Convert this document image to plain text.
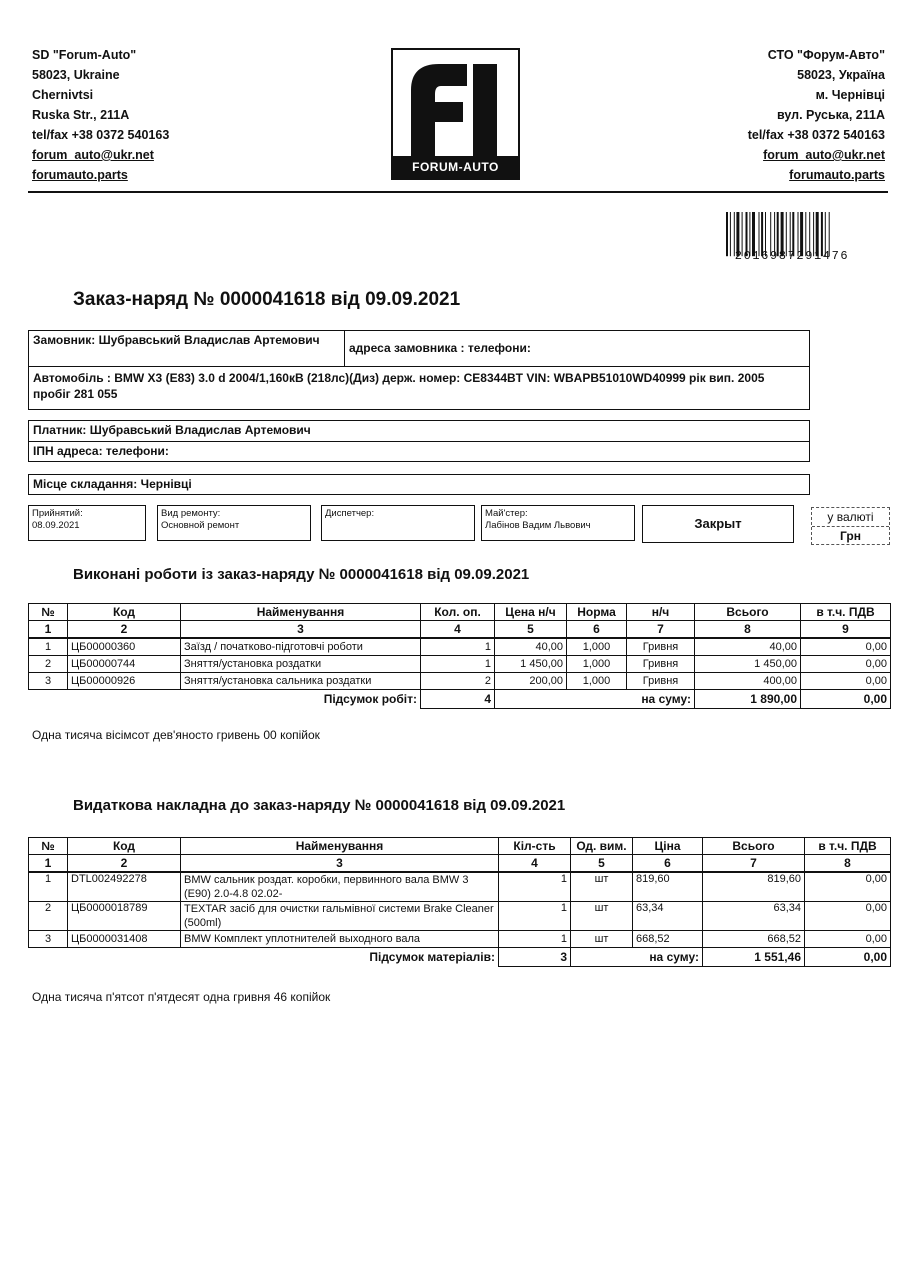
SD "Forum-Auto"
58023, Ukraine
Chernivtsi
Ruska Str., 211A
tel/fax +38 0372 540163
forum_auto@ukr.net
forumauto.parts
СТО "Форум-Авто"
58023, Україна
м. Чернівці
вул. Руська, 211А
tel/fax +38 0372 540163
forum_auto@ukr.net
forumauto.parts
FORUM-AUTO
2016987291476
Заказ-наряд № 0000041618 від 09.09.2021
Замовник: Шубравський Владислав Артемович
адреса замовника : телефони:
Автомобіль : BMW X3 (E83) 3.0 d 2004/1,160кВ (218лс)(Диз) держ. номер: CE8344BT VIN: WBAPB51010WD40999 рік вип. 2005 пробіг 281 055
Платник: Шубравський Владислав Артемович
ІПН адреса: телефони:
Місце складання: Чернівці
Прийнятий:
08.09.2021
Вид ремонту:
Основной ремонт
Диспетчер:	Май'стер:
Лабінов Вадим Львович	Закрыт	у валюті
Грн
Виконані роботи із заказ-наряду № 0000041618 від 09.09.2021
№	Код	Найменування	Кол. оп.	Цена н/ч	Норма	н/ч	Всього	в т.ч. ПДВ
1	2	3	4	5	6	7	8	9
1	ЦБ00000360	Заїзд / початково-підготовчі роботи	1	40,00	1,000	Гривня	40,00	0,00
2	ЦБ00000744	Зняття/установка роздатки	1	1 450,00	1,000	Гривня	1 450,00	0,00
3	ЦБ00000926	Зняття/установка сальника роздатки	2	200,00	1,000	Гривня	400,00	0,00
Підсумок робіт:			4	на суму:			1 890,00	0,00
Одна тисяча вісімсот дев'яносто гривень 00 копійок
Видаткова накладна до заказ-наряду № 0000041618 від 09.09.2021
№	Код	Найменування	Кіл-сть	Од. вим.	Ціна	Всього	в т.ч. ПДВ
1	2	3	4	5	6	7	8
1	DTL002492278	BMW сальник роздат. коробки, первинного вала BMW 3 (E90) 2.0-4.8 02.02-	1	шт	819,60	819,60	0,00
2	ЦБ0000018789	TEXTAR засіб для очистки гальмівної системи Brake Cleaner (500ml)	1	шт	63,34	63,34	0,00
3	ЦБ0000031408	BMW Комплект уплотнителей выходного вала	1	шт	668,52	668,52	0,00
Підсумок матеріалів:			3	на суму:		1 551,46	0,00
Одна тисяча п'ятсот п'ятдесят одна гривня 46 копійок
